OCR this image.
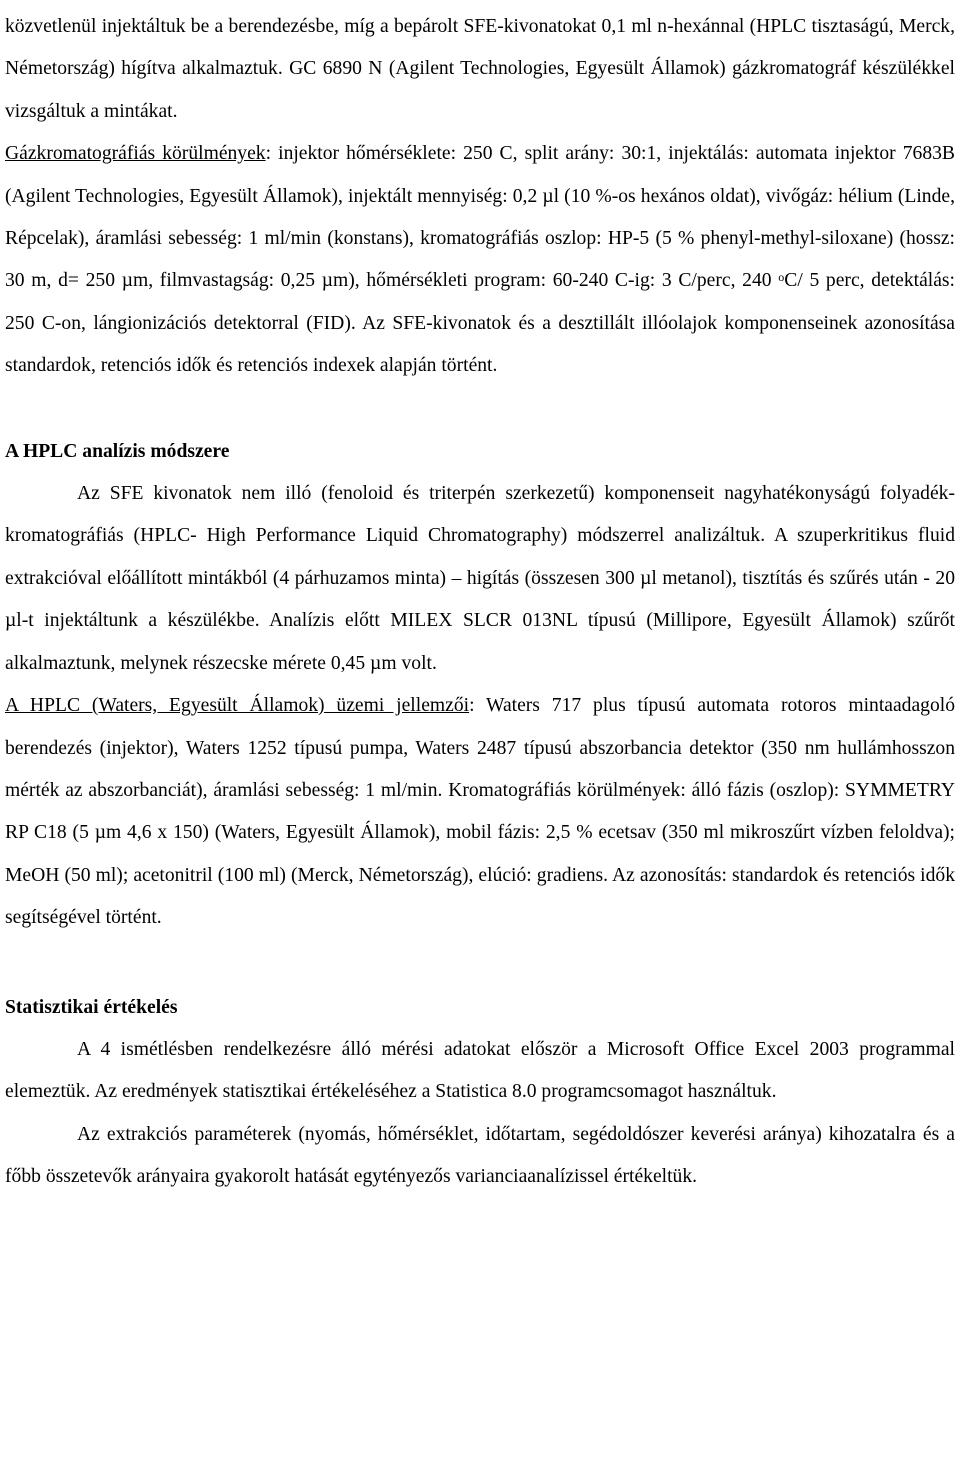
közvetlenül injektáltuk be a berendezésbe, míg a bepárolt SFE-kivonatokat 0,1 ml n-hexánnal (HPLC tisztaságú, Merck, Németország) hígítva alkalmaztuk. GC 6890 N (Agilent Technologies, Egyesült Államok) gázkromatográf készülékkel vizsgáltuk a mintákat.

Gázkromatográfiás körülmények: injektor hőmérséklete: 250 C, split arány: 30:1, injektálás: automata injektor 7683B (Agilent Technologies, Egyesült Államok), injektált mennyiség: 0,2 µl (10 %-os hexános oldat), vivőgáz: hélium (Linde, Répcelak), áramlási sebesség: 1 ml/min (konstans), kromatográfiás oszlop: HP-5 (5 % phenyl-methyl-siloxane) (hossz: 30 m, d= 250 µm, filmvastagság: 0,25 µm), hőmérsékleti program: 60-240 C-ig: 3 C/perc, 240 $^o$C/ 5 perc, detektálás: 250 C-on, lángionizációs detektorral (FID). Az SFE-kivonatok és a desztillált illóolajok komponenseinek azonosítása standardok, retenciós idők és retenciós indexek alapján történt.

A HPLC analízis módszere

Az SFE kivonatok nem illó (fenoloid és triterpén szerkezetű) komponenseit nagyhatékonyságú folyadék-kromatográfiás (HPLC- High Performance Liquid Chromatography) módszerrel analizáltuk. A szuperkritikus fluid extrakcióval előállított mintákból (4 párhuzamos minta) – higítás (összesen 300 µl metanol), tisztítás és szűrés után - 20 µl-t injektáltunk a készülékbe. Analízis előtt MILEX SLCR 013NL típusú (Millipore, Egyesült Államok) szűrőt alkalmaztunk, melynek részecske mérete 0,45 µm volt.

A HPLC (Waters, Egyesült Államok) üzemi jellemzői: Waters 717 plus típusú automata rotoros mintaadagoló berendezés (injektor), Waters 1252 típusú pumpa, Waters 2487 típusú abszorbancia detektor (350 nm hullámhosszon mérték az abszorbanciát), áramlási sebesség: 1 ml/min. Kromatográfiás körülmények: álló fázis (oszlop): SYMMETRY RP C18 (5 µm 4,6 x 150) (Waters, Egyesült Államok), mobil fázis: 2,5 % ecetsav (350 ml mikroszűrt vízben feloldva); MeOH (50 ml); acetonitril (100 ml) (Merck, Németország), elúció: gradiens. Az azonosítás: standardok és retenciós idők segítségével történt.

Statisztikai értékelés

A 4 ismétlésben rendelkezésre álló mérési adatokat először a Microsoft Office Excel 2003 programmal elemeztük. Az eredmények statisztikai értékeléséhez a Statistica 8.0 programcsomagot használtuk.

Az extrakciós paraméterek (nyomás, hőmérséklet, időtartam, segédoldószer keverési aránya) kihozatalra és a főbb összetevők arányaira gyakorolt hatását egytényezős varianciaanalízissel értékeltük.
